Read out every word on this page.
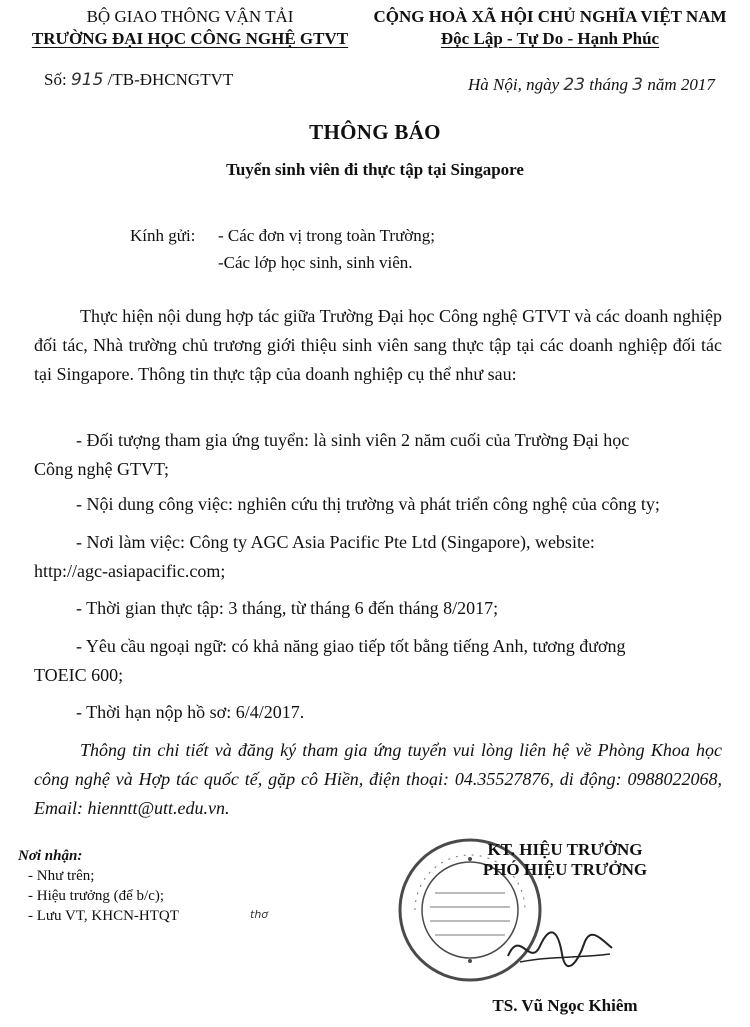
BỘ GIAO THÔNG VẬN TẢI
TRƯỜNG ĐẠI HỌC CÔNG NGHỆ GTVT
CỘNG HOÀ XÃ HỘI CHỦ NGHĨA VIỆT NAM
Độc Lập - Tự Do - Hạnh Phúc
Số: 915 /TB-ĐHCNGTVT	Hà Nội, ngày 23 tháng 3 năm 2017
THÔNG BÁO
Tuyển sinh viên đi thực tập tại Singapore
Kính gửi: - Các đơn vị trong toàn Trường;
-Các lớp học sinh, sinh viên.
Thực hiện nội dung hợp tác giữa Trường Đại học Công nghệ GTVT và các doanh nghiệp đối tác, Nhà trường chủ trương giới thiệu sinh viên sang thực tập tại các doanh nghiệp đối tác tại Singapore. Thông tin thực tập của doanh nghiệp cụ thể như sau:
- Đối tượng tham gia ứng tuyển: là sinh viên 2 năm cuối của Trường Đại học
Công nghệ GTVT;
- Nội dung công việc: nghiên cứu thị trường và phát triển công nghệ của công ty;
- Nơi làm việc: Công ty AGC Asia Pacific Pte Ltd (Singapore), website:
http://agc-asiapacific.com;
- Thời gian thực tập: 3 tháng, từ tháng 6 đến tháng 8/2017;
- Yêu cầu ngoại ngữ: có khả năng giao tiếp tốt bằng tiếng Anh, tương đương
TOEIC 600;
- Thời hạn nộp hồ sơ: 6/4/2017.
Thông tin chi tiết và đăng ký tham gia ứng tuyển vui lòng liên hệ về Phòng Khoa học công nghệ và Hợp tác quốc tế, gặp cô Hiền, điện thoại: 04.35527876, di động: 0988022068, Email: hienntt@utt.edu.vn.
Nơi nhận:
- Như trên;
- Hiệu trưởng (để b/c);
- Lưu VT, KHCN-HTQT	thơ
KT. HIỆU TRƯỞNG
PHÓ HIỆU TRƯỞNG
TS. Vũ Ngọc Khiêm
